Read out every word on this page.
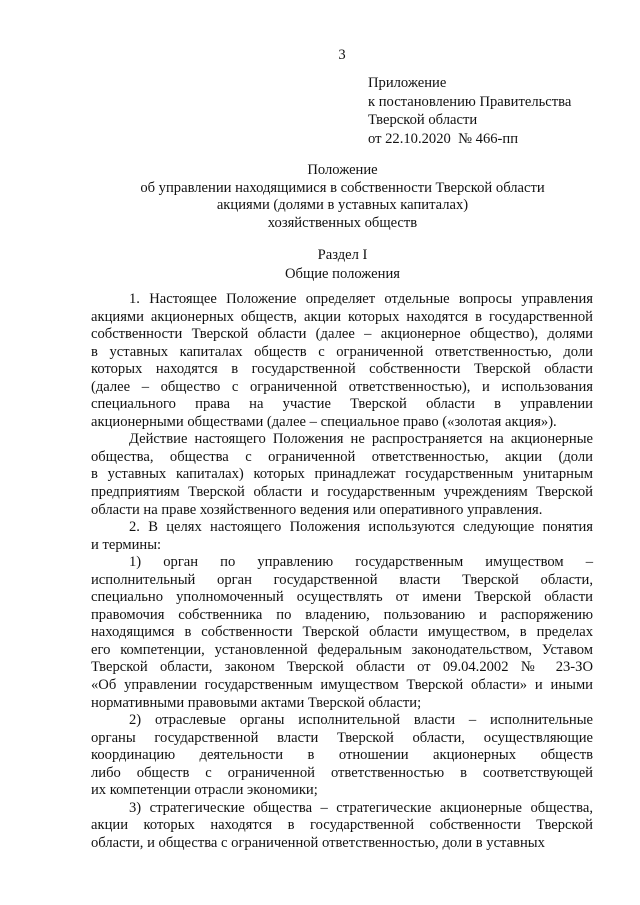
3
Приложение
к постановлению Правительства
Тверской области
от 22.10.2020  № 466-пп
Положение
об управлении находящимися в собственности Тверской области
акциями (долями в уставных капиталах)
хозяйственных обществ
Раздел I
Общие положения
1. Настоящее Положение определяет отдельные вопросы управления
акциями акционерных обществ, акции которых находятся в государственной
собственности Тверской области (далее – акционерное общество), долями
в уставных капиталах обществ с ограниченной ответственностью, доли
которых находятся в государственной собственности Тверской области
(далее – общество с ограниченной ответственностью), и использования
специального права на участие Тверской области в управлении
акционерными обществами (далее – специальное право («золотая акция»).
Действие настоящего Положения не распространяется на акционерные
общества, общества с ограниченной ответственностью, акции (доли
в уставных капиталах) которых принадлежат государственным унитарным
предприятиям Тверской области и государственным учреждениям Тверской
области на праве хозяйственного ведения или оперативного управления.
2. В целях настоящего Положения используются следующие понятия
и термины:
1) орган по управлению государственным имуществом –
исполнительный орган государственной власти Тверской области,
специально уполномоченный осуществлять от имени Тверской области
правомочия собственника по владению, пользованию и распоряжению
находящимся в собственности Тверской области имуществом, в пределах
его компетенции, установленной федеральным законодательством, Уставом
Тверской области, законом Тверской области от 09.04.2002 № 23-ЗО
«Об управлении государственным имуществом Тверской области» и иными
нормативными правовыми актами Тверской области;
2) отраслевые органы исполнительной власти – исполнительные
органы государственной власти Тверской области, осуществляющие
координацию деятельности в отношении акционерных обществ
либо обществ с ограниченной ответственностью в соответствующей
их компетенции отрасли экономики;
3) стратегические общества – стратегические акционерные общества,
акции которых находятся в государственной собственности Тверской
области, и общества с ограниченной ответственностью, доли в уставных
